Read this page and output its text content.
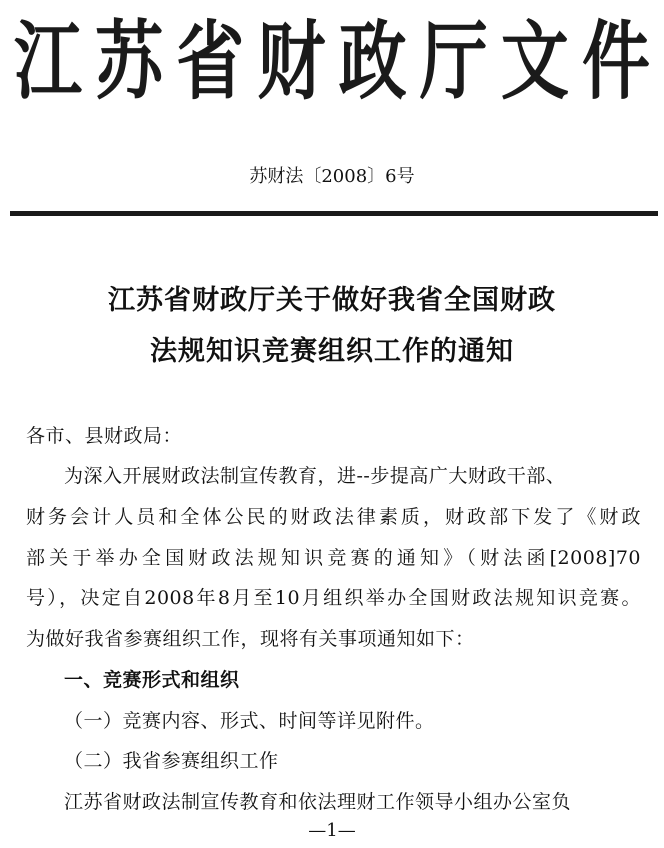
江 苏 省 财 政 厅 文 件
苏财法〔2008〕6号
江苏省财政厅关于做好我省全国财政
法规知识竞赛组织工作的通知
各市、县财政局：
为深入开展财政法制宣传教育，进--步提高广大财政干部、
财务会计人员和全体公民的财政法律素质，财政部下发了《财政
部关于举办全国财政法规知识竞赛的通知》（财法函[2008]70
号），决定自2008年8月至10月组织举办全国财政法规知识竞赛。
为做好我省参赛组织工作，现将有关事项通知如下：
一、竞赛形式和组织
（一）竞赛内容、形式、时间等详见附件。
（二）我省参赛组织工作
江苏省财政法制宣传教育和依法理财工作领导小组办公室负
—1—
